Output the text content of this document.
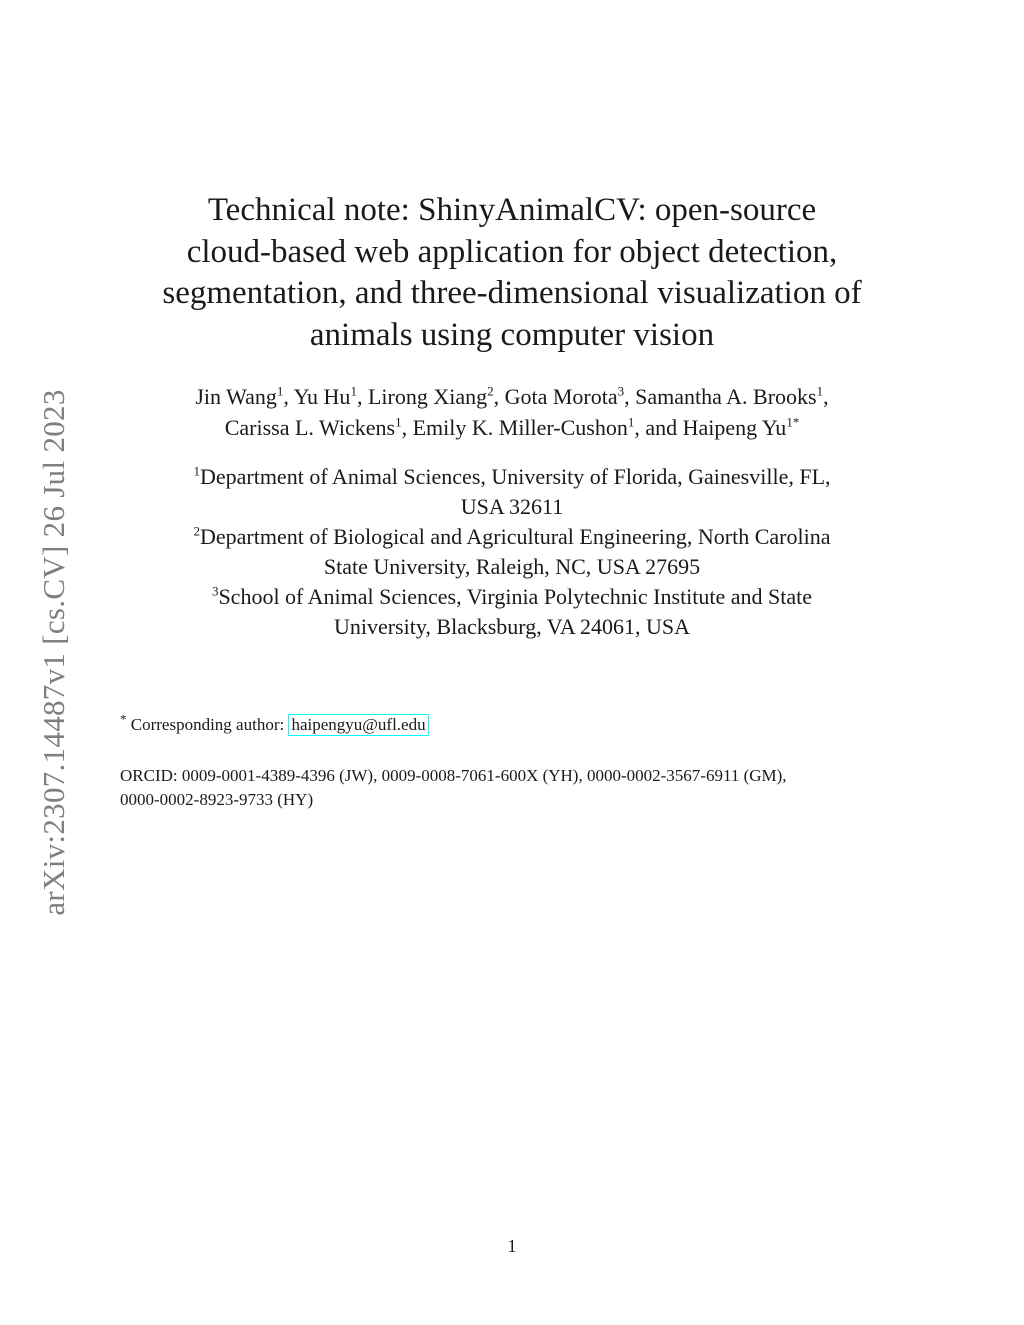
arXiv:2307.14487v1 [cs.CV] 26 Jul 2023
Technical note: ShinyAnimalCV: open-source
cloud-based web application for object detection,
segmentation, and three-dimensional visualization of
animals using computer vision
Jin Wang$^1$, Yu Hu$^1$, Lirong Xiang$^2$, Gota Morota$^3$, Samantha A. Brooks$^1$,
Carissa L. Wickens$^1$, Emily K. Miller-Cushon$^1$, and Haipeng $Yu^{1*}$
$^1$Department of Animal Sciences, University of Florida, Gainesville, FL,
USA 32611
$^2$Department of Biological and Agricultural Engineering, North Carolina
State University, Raleigh, NC, USA 27695
$^3$School of Animal Sciences, Virginia Polytechnic Institute and State
University, Blacksburg, VA 24061, USA
* Corresponding author: haipengyu@ufl.edu
ORCID: 0009-0001-4389-4396 (JW), 0009-0008-7061-600X (YH), 0000-0002-3567-6911 (GM),
0000-0002-8923-9733 (HY)
1
